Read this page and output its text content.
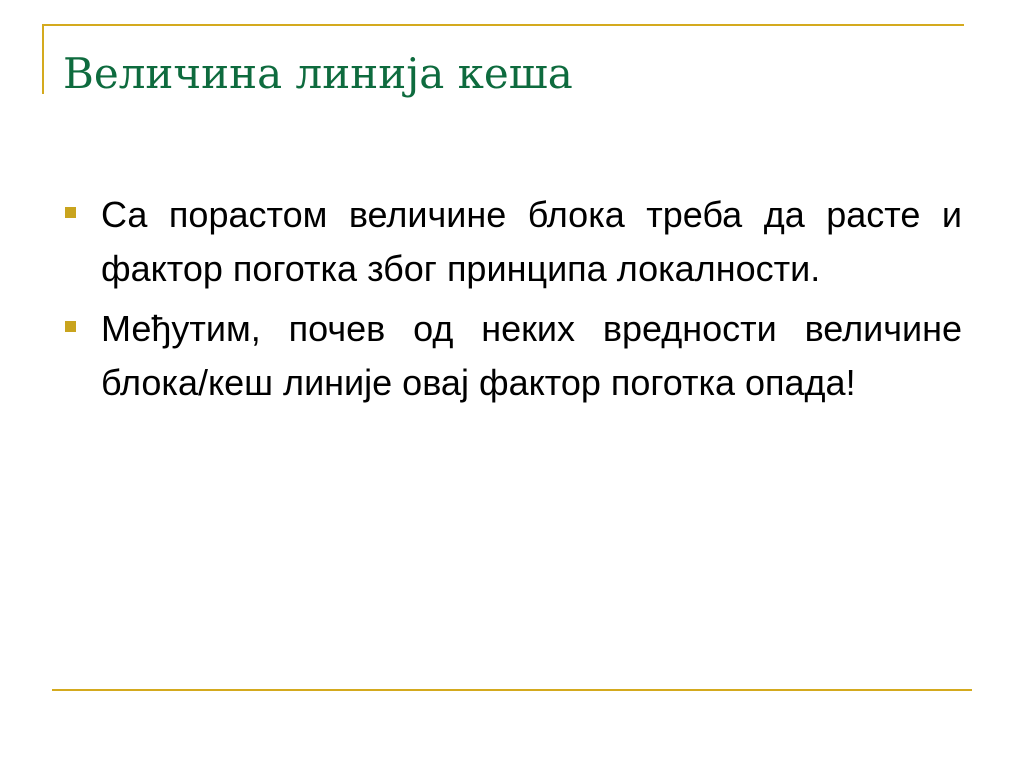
Величина линија кеша
Са порастом величине блока треба да расте и фактор поготка због принципа локалности.
Међутим, почев од неких вредности величине блока/кеш линије овај фактор поготка опада!
